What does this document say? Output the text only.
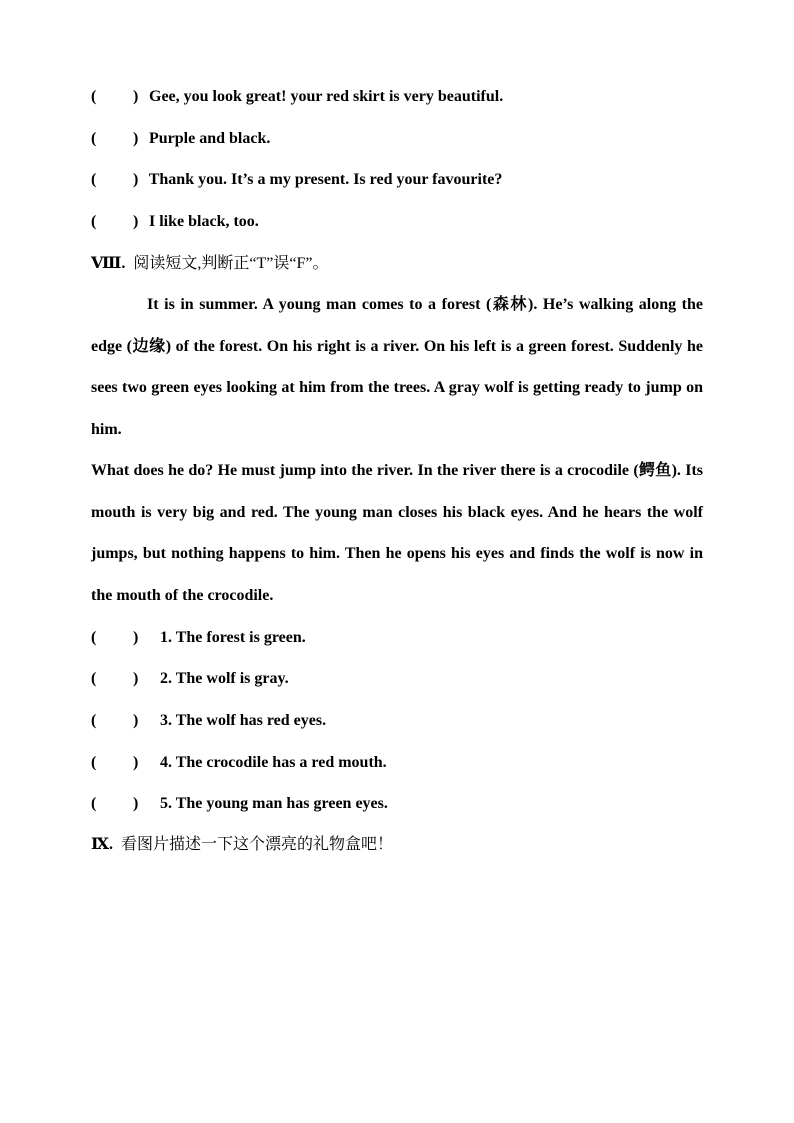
( ) Gee, you look great! your red skirt is very beautiful.
( ) Purple and black.
( ) Thank you. It’s a my present. Is red your favourite?
( ) I like black, too.
Ⅷ. 阅读短文,判断正“T”误“F”。

It is in summer. A young man comes to a forest (森林). He’s walking along the edge (边缘) of the forest. On his right is a river. On his left is a green forest. Suddenly he sees two green eyes looking at him from the trees. A gray wolf is getting ready to jump on him.

What does he do? He must jump into the river. In the river there is a crocodile (鳄鱼). Its mouth is very big and red. The young man closes his black eyes. And he hears the wolf jumps, but nothing happens to him. Then he opens his eyes and finds the wolf is now in the mouth of the crocodile.

( ) 1. The forest is green.
( ) 2. The wolf is gray.
( ) 3. The wolf has red eyes.
( ) 4. The crocodile has a red mouth.
( ) 5. The young man has green eyes.
Ⅸ. 看图片描述一下这个漂亮的礼物盒吧！
